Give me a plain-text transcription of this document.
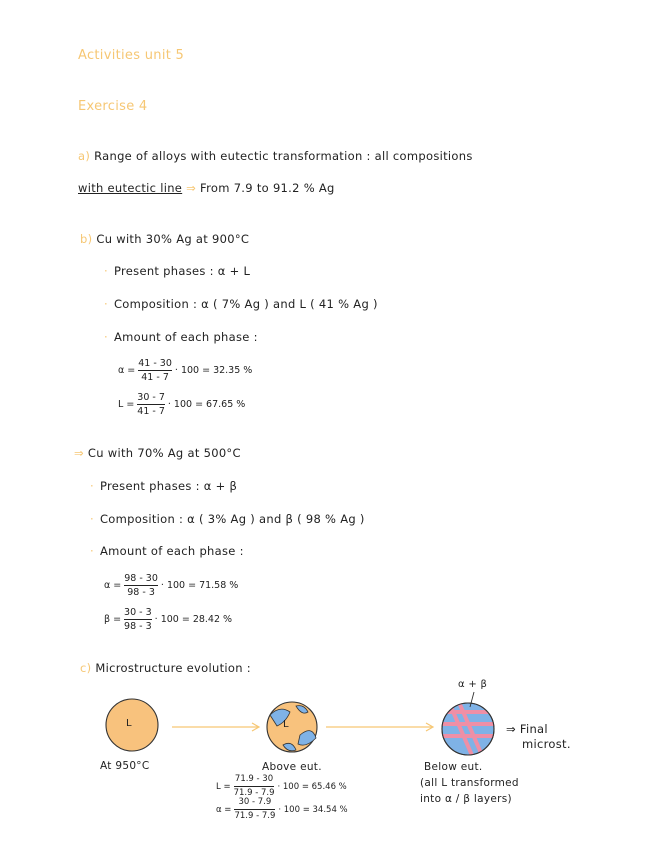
Activities unit 5
Exercise 4
a) Range of alloys with eutectic transformation : all compositions
with eutectic line ⇒ From 7.9 to 91.2 % Ag
b) Cu with 30% Ag at 900°C
· Present phases : α + L
· Composition : α ( 7% Ag ) and L ( 41 % Ag )
· Amount of each phase :
$\alpha = \frac{41 - 30}{41 - 7} \cdot 100 = 32.35$ %
$L = \frac{30 - 7}{41 - 7} \cdot 100 = 67.65$ %
⇒ Cu with 70% Ag at 500°C
· Present phases : α + β
· Composition : α ( 3% Ag ) and β ( 98 % Ag )
· Amount of each phase :
$\alpha = \frac{98 - 30}{98 - 3} \cdot 100 = 71.58$ %
$\beta = \frac{30 - 3}{98 - 3} \cdot 100 = 28.42$ %
c) Microstructure evolution :
L	L
α + β
⇒ Final
microst.
At 950°C	Above eut.	Below eut.
(all L transformed
into α / β layers)
$L = \frac{71.9 - 30}{71.9 - 7.9} \cdot 100 = 65.46$ %
$\alpha = \frac{30 - 7.9}{71.9 - 7.9} \cdot 100 = 34.54$ %
